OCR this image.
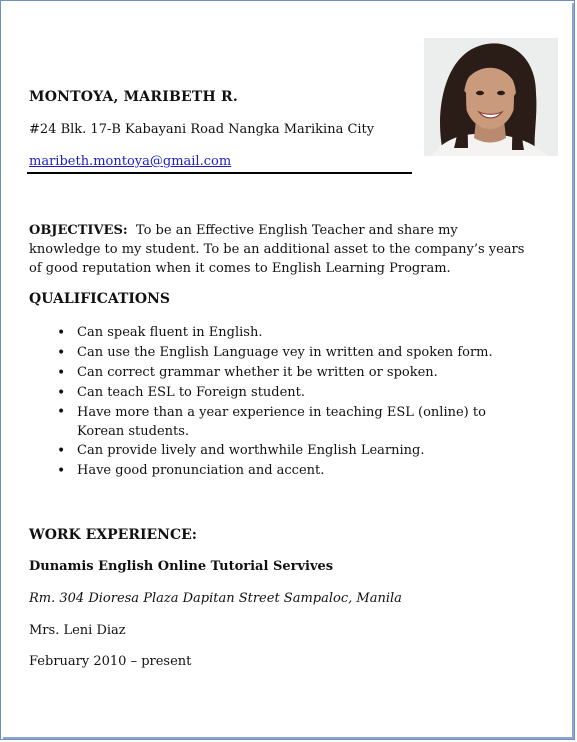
MONTOYA, MARIBETH R.
#24 Blk. 17-B Kabayani Road Nangka Marikina City
maribeth.montoya@gmail.com
OBJECTIVES: To be an Effective English Teacher and share my knowledge to my student. To be an additional asset to the company’s years of good reputation when it comes to English Learning Program.
QUALIFICATIONS
• Can speak fluent in English.
• Can use the English Language vey in written and spoken form.
• Can correct grammar whether it be written or spoken.
• Can teach ESL to Foreign student.
• Have more than a year experience in teaching ESL (online) to Korean students.
• Can provide lively and worthwhile English Learning.
• Have good pronunciation and accent.
WORK EXPERIENCE:
Dunamis English Online Tutorial Servives
Rm. 304 Dioresa Plaza Dapitan Street Sampaloc, Manila
Mrs. Leni Diaz
February 2010 – present
